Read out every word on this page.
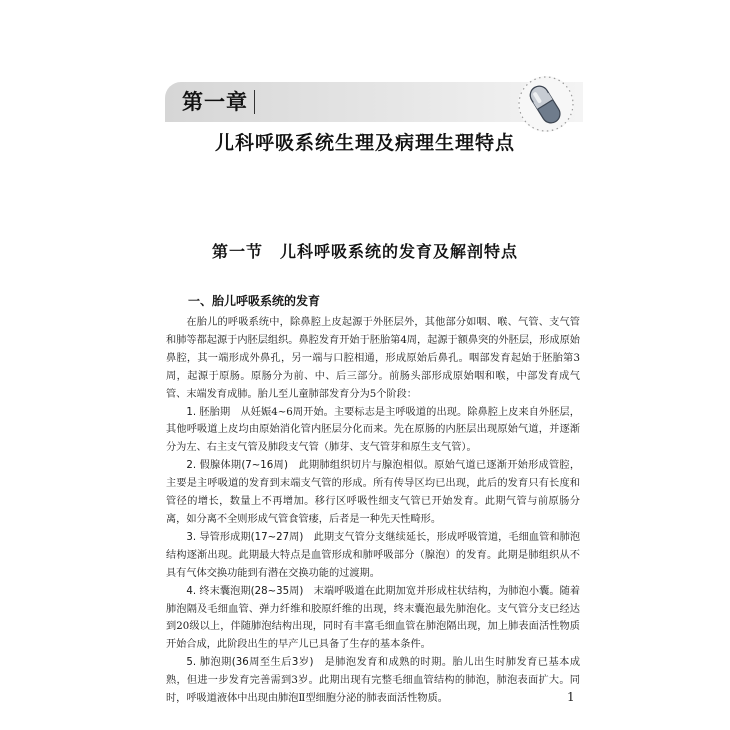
第一章
儿科呼吸系统生理及病理生理特点
第一节　儿科呼吸系统的发育及解剖特点
一、胎儿呼吸系统的发育

在胎儿的呼吸系统中，除鼻腔上皮起源于外胚层外，其他部分如咽、喉、气管、支气管和肺等都起源于内胚层组织。鼻腔发育开始于胚胎第4周，起源于额鼻突的外胚层，形成原始鼻腔，其一端形成外鼻孔，另一端与口腔相通，形成原始后鼻孔。咽部发育起始于胚胎第3周，起源于原肠。原肠分为前、中、后三部分。前肠头部形成原始咽和喉，中部发育成气管、末端发育成肺。胎儿至儿童肺部发育分为5个阶段：

1. 胚胎期　 从妊娠4~6周开始。主要标志是主呼吸道的出现。除鼻腔上皮来自外胚层，其他呼吸道上皮均由原始消化管内胚层分化而来。先在原肠的内胚层出现原始气道，并逐渐分为左、右主支气管及肺段支气管（肺芽、支气管芽和原生支气管）。

2. 假腺体期(7~16周)　 此期肺组织切片与腺泡相似。原始气道已逐渐开始形成管腔，主要是主呼吸道的发育到末端支气管的形成。所有传导区均已出现，此后的发育只有长度和管径的增长，数量上不再增加。移行区呼吸性细支气管已开始发育。此期气管与前原肠分离，如分离不全则形成气管食管瘘，后者是一种先天性畸形。

3. 导管形成期(17~27周)　 此期支气管分支继续延长，形成呼吸管道，毛细血管和肺泡结构逐渐出现。此期最大特点是血管形成和肺呼吸部分（腺泡）的发育。此期是肺组织从不具有气体交换功能到有潜在交换功能的过渡期。

4. 终末囊泡期(28~35周)　 末端呼吸道在此期加宽并形成柱状结构，为肺泡小囊。随着肺泡隔及毛细血管、弹力纤维和胶原纤维的出现，终末囊泡最先肺泡化。支气管分支已经达到20级以上，伴随肺泡结构出现，同时有丰富毛细血管在肺泡隔出现，加上肺表面活性物质开始合成，此阶段出生的早产儿已具备了生存的基本条件。

5. 肺泡期(36周至生后3岁)　 是肺泡发育和成熟的时期。胎儿出生时肺发育已基本成熟，但进一步发育完善需到3岁。此期出现有完整毛细血管结构的肺泡，肺泡表面扩大。同时，呼吸道液体中出现由肺泡Ⅱ型细胞分泌的肺表面活性物质。	1
